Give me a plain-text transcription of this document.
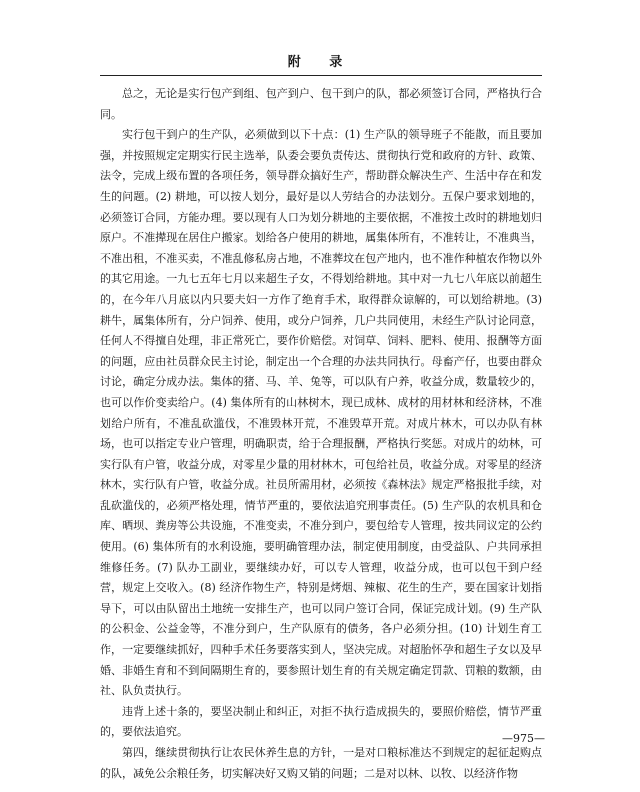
附 录

总之，无论是实行包产到组、包产到户、包干到户的队，都必须签订合同，严格执行合同。

实行包干到户的生产队，必须做到以下十点：(1) 生产队的领导班子不能散，而且要加强，并按照规定定期实行民主选举，队委会要负责传达、贯彻执行党和政府的方针、政策、法令，完成上级布置的各项任务，领导群众搞好生产，帮助群众解决生产、生活中存在和发生的问题。(2) 耕地，可以按人划分，最好是以人劳结合的办法划分。五保户要求划地的，必须签订合同，方能办理。要以现有人口为划分耕地的主要依据，不准按土改时的耕地划归原户。不准撵现在居住户搬家。划给各户使用的耕地，属集体所有，不准转让，不准典当，不准出租，不准买卖，不准乱修私房占地，不准葬坟在包产地内，也不准作种植农作物以外的其它用途。一九七五年七月以来超生子女，不得划给耕地。其中对一九七八年底以前超生的，在今年八月底以内只要夫妇一方作了绝育手术，取得群众谅解的，可以划给耕地。(3) 耕牛，属集体所有，分户饲养、使用，或分户饲养，几户共同使用，未经生产队讨论同意，任何人不得擅自处理，非正常死亡，要作价赔偿。对饲草、饲料、肥料、使用、报酬等方面的问题，应由社员群众民主讨论，制定出一个合理的办法共同执行。母畜产仔，也要由群众讨论，确定分成办法。集体的猪、马、羊、兔等，可以队有户养，收益分成，数量较少的，也可以作价变卖给户。(4) 集体所有的山林树木，现已成林、成材的用材林和经济林，不准划给户所有，不准乱砍滥伐，不准毁林开荒，不准毁草开荒。对成片林木，可以办队有林场，也可以指定专业户管理，明确职责，给于合理报酬，严格执行奖惩。对成片的幼林，可实行队有户管，收益分成，对零星少量的用材林木，可包给社员，收益分成。对零星的经济林木，实行队有户管，收益分成。社员所需用材，必须按《森林法》规定严格报批手续，对乱砍滥伐的，必须严格处理，情节严重的，要依法追究刑事责任。(5) 生产队的农机具和仓库、晒坝、粪房等公共设施，不准变卖，不准分到户，要包给专人管理，按共同议定的公约使用。(6) 集体所有的水利设施，要明确管理办法，制定使用制度，由受益队、户共同承担维修任务。(7) 队办工副业，要继续办好，可以专人管理，收益分成，也可以包干到户经营，规定上交收入。(8) 经济作物生产，特别是烤烟、辣椒、花生的生产，要在国家计划指导下，可以由队留出土地统一安排生产，也可以同户签订合同，保证完成计划。(9) 生产队的公积金、公益金等，不准分到户，生产队原有的债务，各户必须分担。(10) 计划生育工作，一定要继续抓好，四种手术任务要落实到人，坚决完成。对超胎怀孕和超生子女以及早婚、非婚生育和不到间隔期生育的，要参照计划生育的有关规定确定罚款、罚粮的数额，由社、队负责执行。

违背上述十条的，要坚决制止和纠正，对拒不执行造成损失的，要照价赔偿，情节严重的，要依法追究。

第四，继续贯彻执行让农民休养生息的方针，一是对口粮标准达不到规定的起征起购点的队，减免公余粮任务，切实解决好又购又销的问题；二是对以林、以牧、以经济作物

—975—
